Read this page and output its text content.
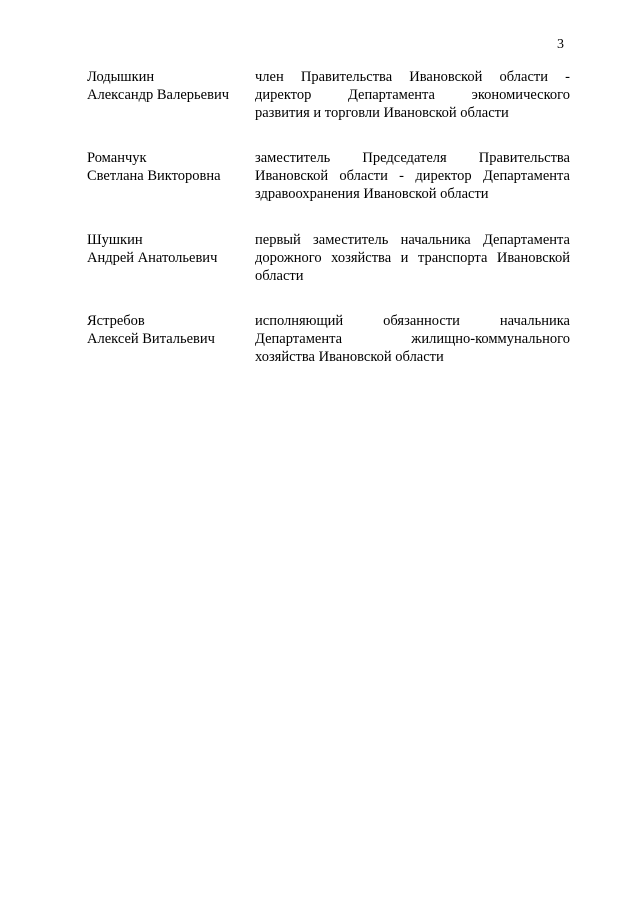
3
Лодышкин
Александр Валерьевич
член Правительства Ивановской области -
директор Департамента экономического
развития и торговли Ивановской области
Романчук
Светлана Викторовна
заместитель Председателя Правительства
Ивановской области - директор Департамента
здравоохранения Ивановской области
Шушкин
Андрей Анатольевич
первый заместитель начальника Департамента
дорожного хозяйства и транспорта Ивановской
области
Ястребов
Алексей Витальевич
исполняющий обязанности начальника
Департамента жилищно-коммунального
хозяйства Ивановской области
